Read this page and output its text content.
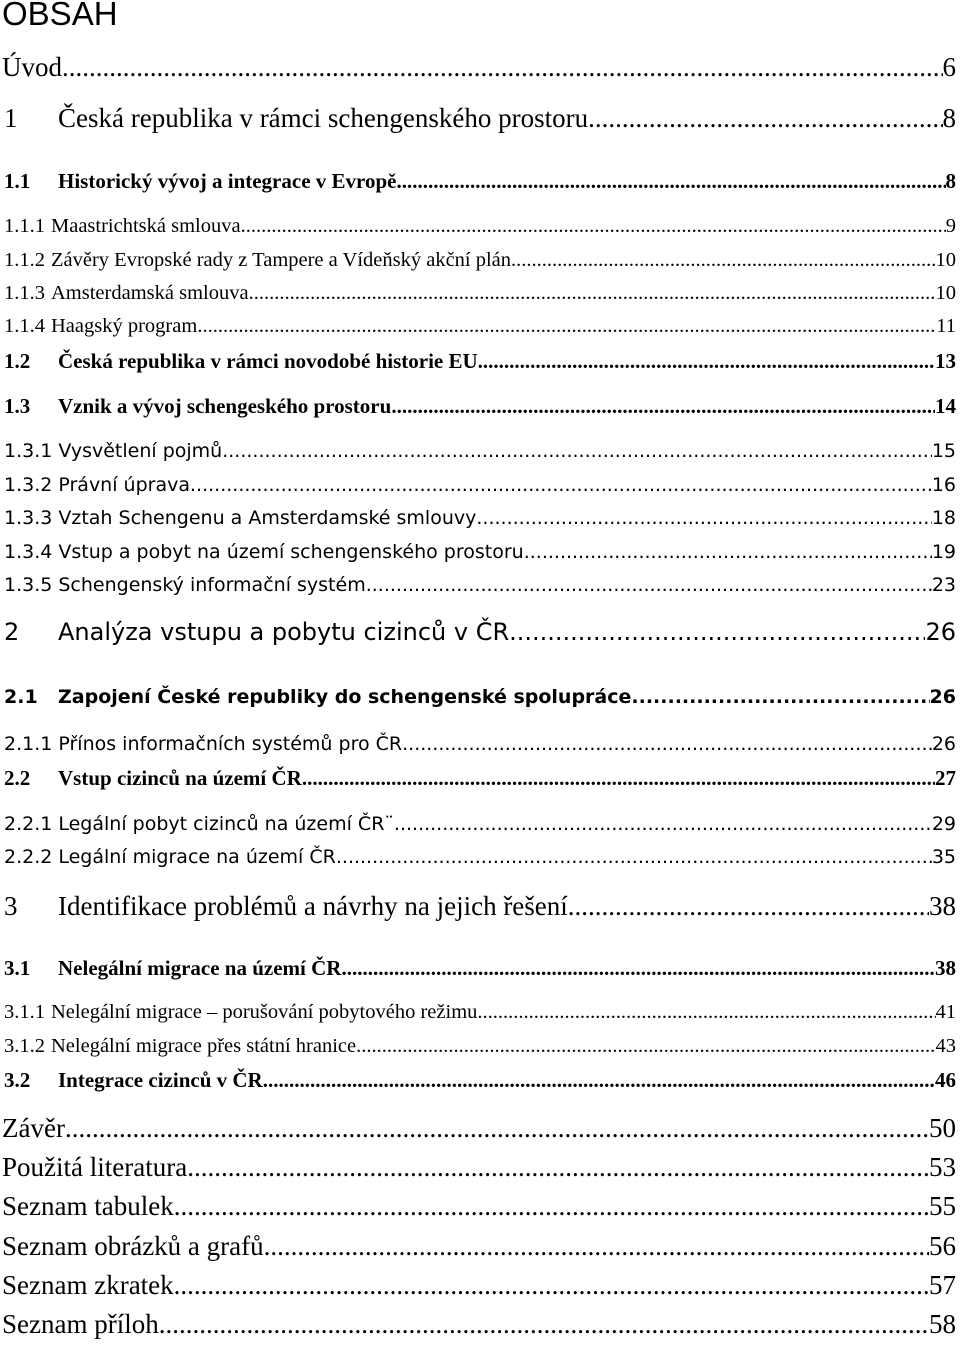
OBSAH
Úvod .....	6
1	Česká republika v rámci schengenského prostoru .....	8
1.1	Historický vývoj a integrace v Evropě .....	8
1.1.1 Maastrichtská smlouva .....	9
1.1.2 Závěry Evropské rady z Tampere a Vídeňský akční plán .....	10
1.1.3 Amsterdamská smlouva .....	10
1.1.4 Haagský program .....	11
1.2	Česká republika v rámci novodobé historie EU .....	13
1.3	Vznik a vývoj schengeského prostoru .....	14
1.3.1 Vysvětlení pojmů .....	15
1.3.2 Právní úprava .....	16
1.3.3 Vztah Schengenu a Amsterdamské smlouvy .....	18
1.3.4 Vstup a pobyt na území schengenského prostoru .....	19
1.3.5 Schengenský informační systém .....	23
2	Analýza vstupu a pobytu cizinců v ČR .....	26
2.1	Zapojení České republiky do schengenské spolupráce .....	26
2.1.1 Přínos informačních systémů pro ČR .....	26
2.2	Vstup cizinců na území ČR .....	27
2.2.1 Legální pobyt cizinců na území ČR¨ .....	29
2.2.2 Legální migrace na území ČR .....	35
3	Identifikace problémů a návrhy na jejich řešení .....	38
3.1	Nelegální migrace na území ČR .....	38
3.1.1 Nelegální migrace – porušování pobytového režimu .....	41
3.1.2 Nelegální migrace přes státní hranice .....	43
3.2	Integrace cizinců v ČR .....	46
Závěr .....	50
Použitá literatura .....	53
Seznam tabulek .....	55
Seznam obrázků a grafů .....	56
Seznam zkratek .....	57
Seznam příloh .....	58
